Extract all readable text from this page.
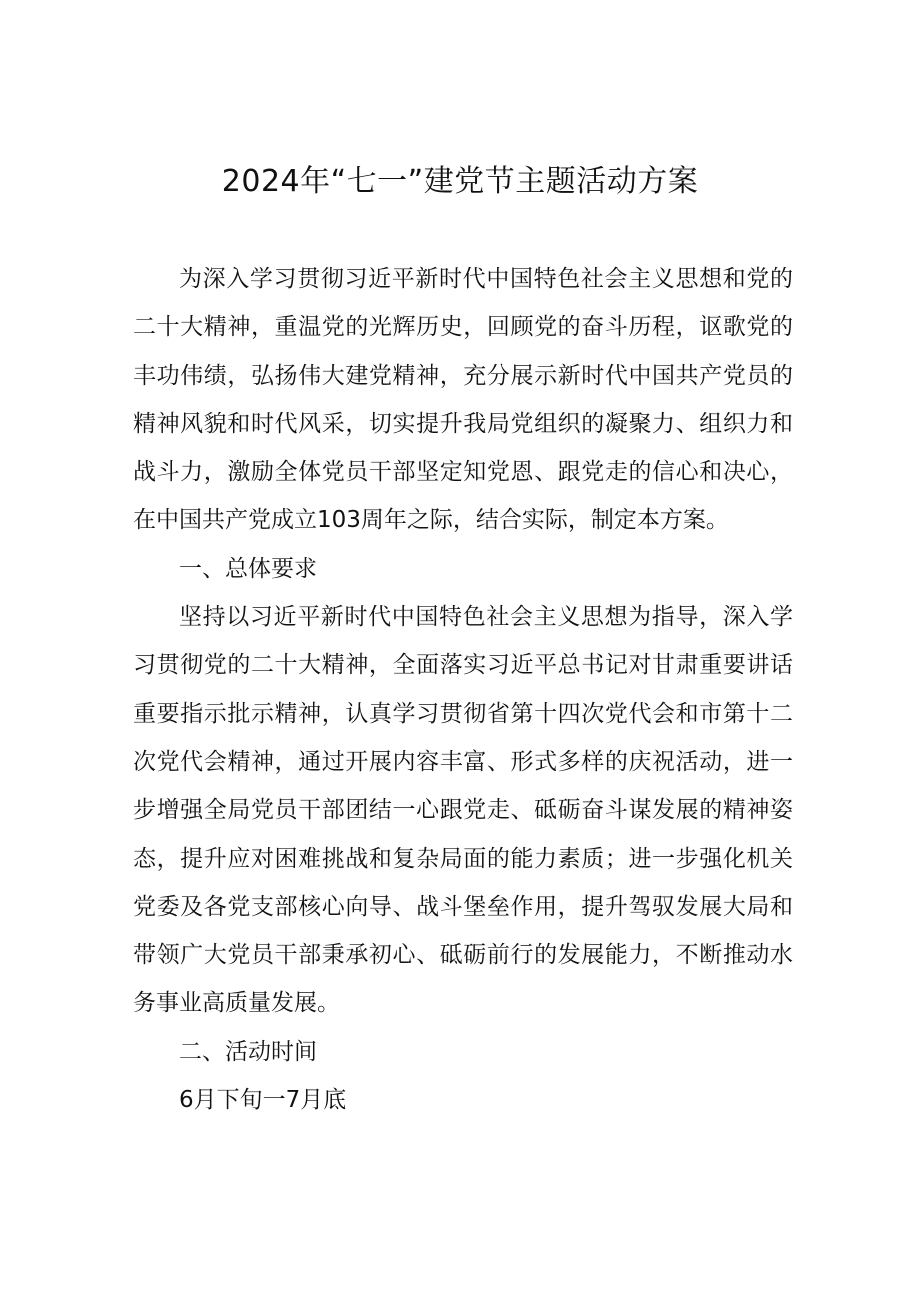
2024年“七一”建党节主题活动方案
为深入学习贯彻习近平新时代中国特色社会主义思想和党的
二十大精神，重温党的光辉历史，回顾党的奋斗历程，讴歌党的
丰功伟绩，弘扬伟大建党精神，充分展示新时代中国共产党员的
精神风貌和时代风采，切实提升我局党组织的凝聚力、组织力和
战斗力，激励全体党员干部坚定知党恩、跟党走的信心和决心，
在中国共产党成立103周年之际，结合实际，制定本方案。
一、总体要求
坚持以习近平新时代中国特色社会主义思想为指导，深入学
习贯彻党的二十大精神，全面落实习近平总书记对甘肃重要讲话
重要指示批示精神，认真学习贯彻省第十四次党代会和市第十二
次党代会精神，通过开展内容丰富、形式多样的庆祝活动，进一
步增强全局党员干部团结一心跟党走、砥砺奋斗谋发展的精神姿
态，提升应对困难挑战和复杂局面的能力素质；进一步强化机关
党委及各党支部核心向导、战斗堡垒作用，提升驾驭发展大局和
带领广大党员干部秉承初心、砥砺前行的发展能力，不断推动水
务事业高质量发展。
二、活动时间
6月下旬一7月底
